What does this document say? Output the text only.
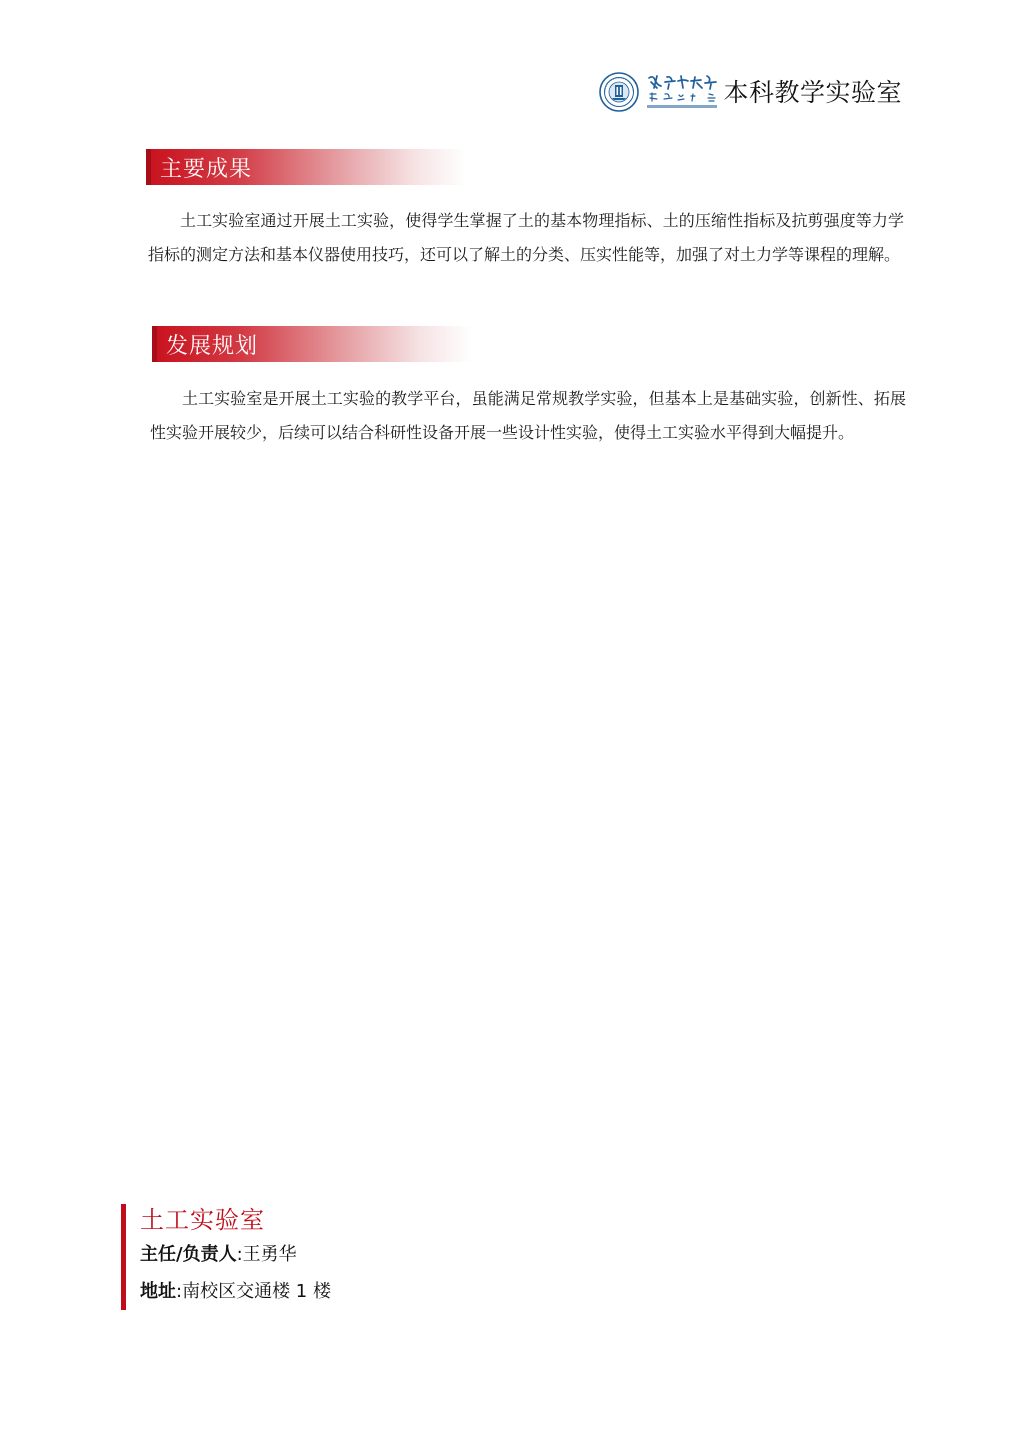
本科教学实验室
主要成果

土工实验室通过开展土工实验，使得学生掌握了土的基本物理指标、土的压缩性指标及抗剪强度等力学指标的测定方法和基本仪器使用技巧，还可以了解土的分类、压实性能等，加强了对土力学等课程的理解。

发展规划

土工实验室是开展土工实验的教学平台，虽能满足常规教学实验，但基本上是基础实验，创新性、拓展性实验开展较少，后续可以结合科研性设备开展一些设计性实验，使得土工实验水平得到大幅提升。

土工实验室
主任/负责人:王勇华
地址:南校区交通楼 1 楼
